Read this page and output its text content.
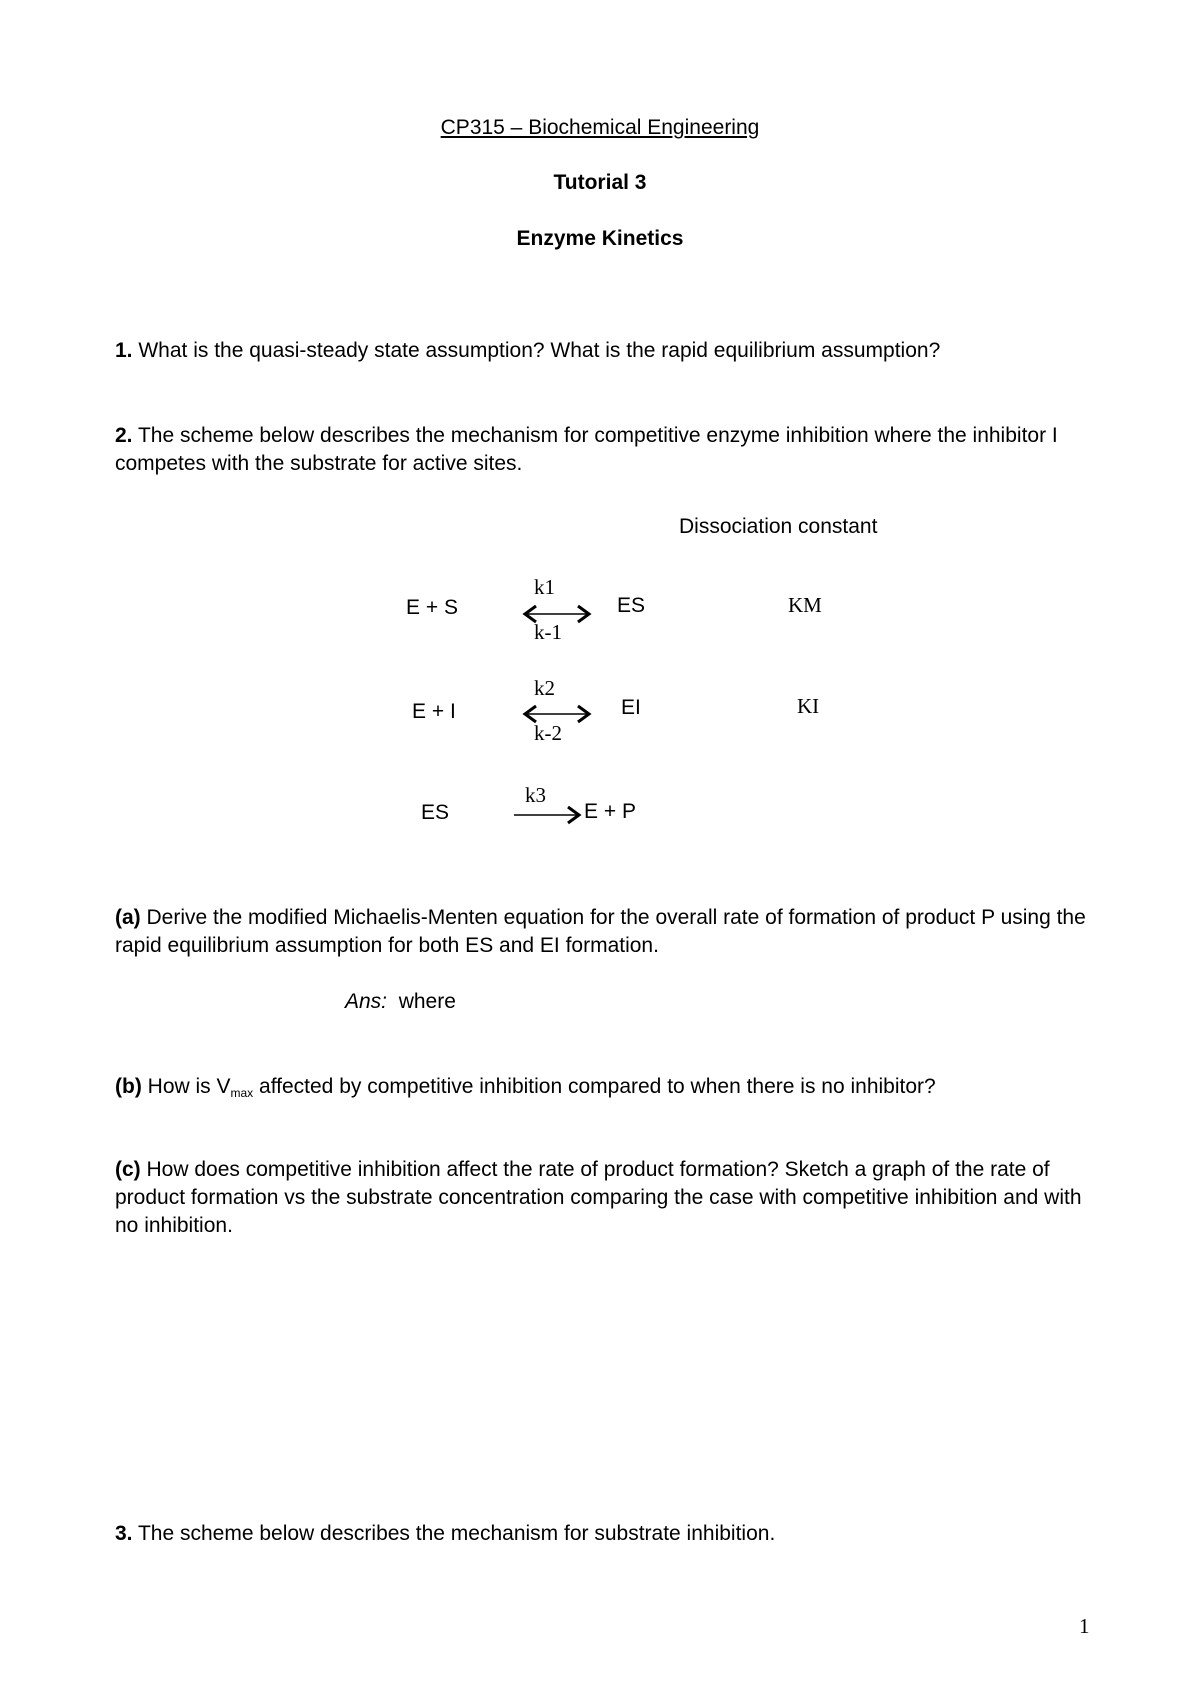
CP315 – Biochemical Engineering
Tutorial 3
Enzyme Kinetics
1. What is the quasi-steady state assumption? What is the rapid equilibrium assumption?
2. The scheme below describes the mechanism for competitive enzyme inhibition where the inhibitor I competes with the substrate for active sites.
Dissociation constant
E + S
k1
k-1
ES	KM
E + I
k2
k-2
EI	KI
ES
k3
E + P
(a) Derive the modified Michaelis-Menten equation for the overall rate of formation of product P using the rapid equilibrium assumption for both ES and EI formation.
Ans: where
(b) How is Vmax affected by competitive inhibition compared to when there is no inhibitor?
(c) How does competitive inhibition affect the rate of product formation? Sketch a graph of the rate of product formation vs the substrate concentration comparing the case with competitive inhibition and with no inhibition.
3. The scheme below describes the mechanism for substrate inhibition.
1
